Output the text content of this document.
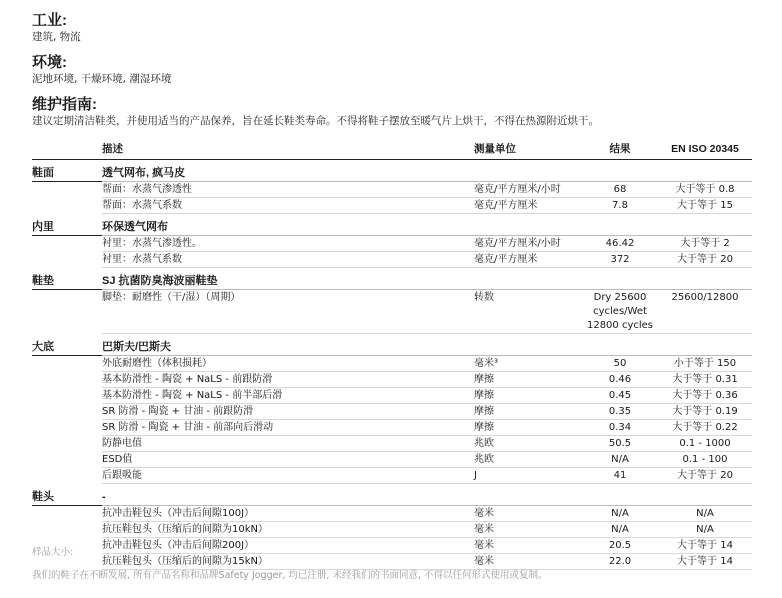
工业:

建筑, 物流

环境:

泥地环境, 干燥环境, 潮湿环境

维护指南:

建议定期清洁鞋类，并使用适当的产品保养，旨在延长鞋类寿命。不得将鞋子摆放至暖气片上烘干，不得在热源附近烘干。

	描述	测量单位	结果	EN ISO 20345
鞋面	透气网布, 疯马皮			
	帮面：水蒸气渗透性	毫克/平方厘米/小时	68	大于等于 0.8
	帮面：水蒸气系数	毫克/平方厘米	7.8	大于等于 15
内里	环保透气网布			
	衬里：水蒸气渗透性。	毫克/平方厘米/小时	46.42	大于等于 2
	衬里：水蒸气系数	毫克/平方厘米	372	大于等于 20
鞋垫	SJ 抗菌防臭海波丽鞋垫			
	脚垫：耐磨性（干/湿）（周期）	转数	Dry 25600 cycles/Wet 12800 cycles	25600/12800
大底	巴斯夫/巴斯夫			
	外底耐磨性（体积损耗）	毫米³	50	小于等于 150
	基本防滑性 - 陶瓷 + NaLS - 前跟防滑	摩擦	0.46	大于等于 0.31
	基本防滑性 - 陶瓷 + NaLS - 前半部后滑	摩擦	0.45	大于等于 0.36
	SR 防滑 - 陶瓷 + 甘油 - 前跟防滑	摩擦	0.35	大于等于 0.19
	SR 防滑 - 陶瓷 + 甘油 - 前部向后滑动	摩擦	0.34	大于等于 0.22
	防静电值	兆欧	50.5	0.1 - 1000
	ESD值	兆欧	N/A	0.1 - 100
	后跟吸能	J	41	大于等于 20
鞋头	-			
	抗冲击鞋包头（冲击后间隙100J）	毫米	N/A	N/A
	抗压鞋包头（压缩后的间隙为10kN）	毫米	N/A	N/A
	抗冲击鞋包头（冲击后间隙200J）	毫米	20.5	大于等于 14
	抗压鞋包头（压缩后的间隙为15kN）	毫米	22.0	大于等于 14
样品大小:
我们的鞋子在不断发展, 所有产品名称和品牌Safety Jogger, 均已注册, 未经我们的书面同意, 不得以任何形式使用或复制。
